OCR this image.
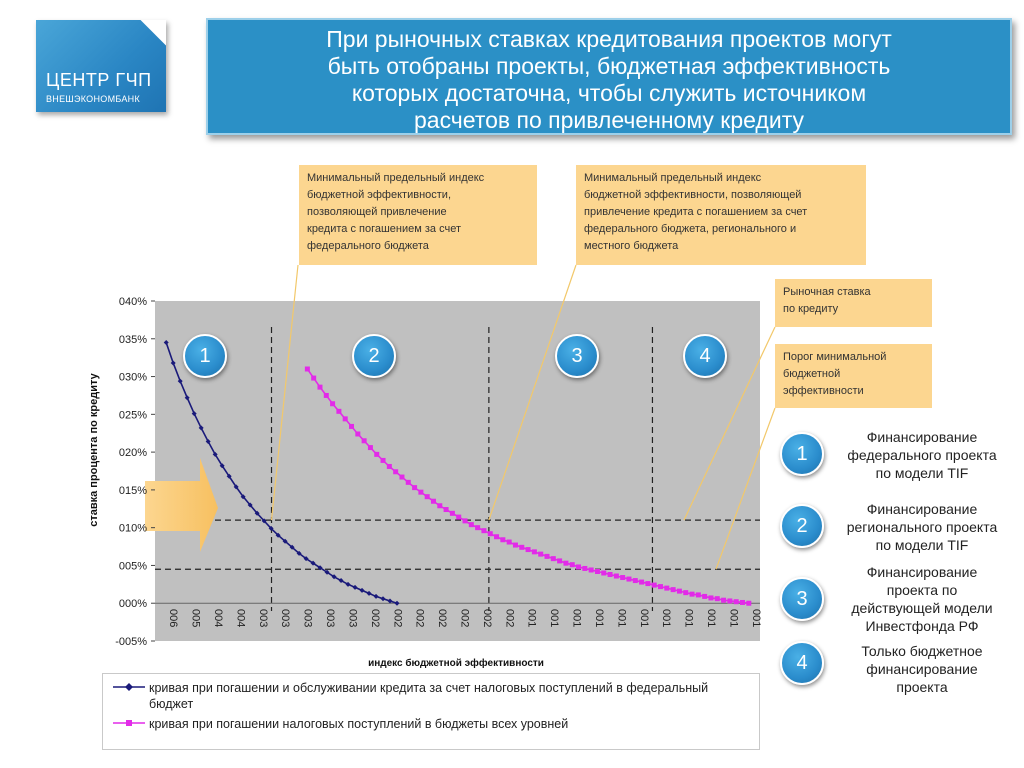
ЦЕНТР ГЧП
ВНЕШЭКОНОМБАНК
При рыночных ставках кредитования проектов могут
быть отобраны проекты, бюджетная эффективность
которых достаточна, чтобы служить источником
расчетов по привлеченному кредиту
040%
035%
030%
025%
020%
015%
010%
005%
000%
-005%
006 005 004 004 003 003 003 003 003 002 002 002 002 002 002 002 001 001 001 001 001 001 001 001 001 001 001
ставка процента по кредиту
индекс бюджетной эффективности
1	2	3	4
Минимальный предельный индекс
бюджетной эффективности,
позволяющей привлечение
кредита с погашением за счет
федерального бюджета
Минимальный предельный индекс
бюджетной эффективности, позволяющей
привлечение кредита с погашением за счет
федерального бюджета, регионального и
местного бюджета
Рыночная ставка
по кредиту
Порог минимальной
бюджетной
эффективности
кривая при погашении и обслуживании кредита за счет налоговых поступлений в федеральный бюджет
кривая при погашении налоговых поступлений в бюджеты всех уровней
1
Финансирование
федерального проекта
по модели TIF
2
Финансирование
регионального проекта
по модели TIF
3
Финансирование
проекта по
действующей модели
Инвестфонда РФ
4
Только бюджетное
финансирование
проекта
